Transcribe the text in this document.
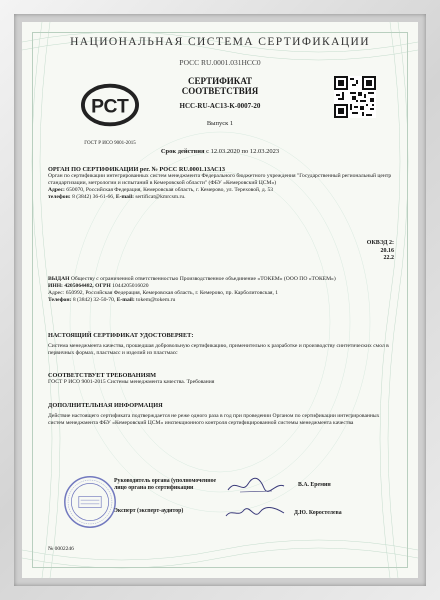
НАЦИОНАЛЬНАЯ СИСТЕМА СЕРТИФИКАЦИИ
РОСС RU.0001.031НСС0
РСТ
ГОСТ Р ИСО 9001-2015
СЕРТИФИКАТ
СООТВЕТСТВИЯ
НСС-RU-AC13-K-0007-20
Выпуск 1
Срок действия с 12.03.2020 по 12.03.2023
ОРГАН ПО СЕРТИФИКАЦИИ рег. № РОСС RU.0001.13АС13
Орган по сертификации интегрированных систем менеджмента Федерального бюджетного учреждения "Государственный региональный центр стандартизации, метрологии и испытаний в Кемеровской области" (ФБУ «Кемеровский ЦСМ»)
Адрес: 650070, Российская Федерация, Кемеровская область, г. Кемерово, ул. Тереховой, д. 53
телефон: 8 (3842) 36-61-66, E-mail: sertificat@kmrcsm.ru.
ОКВЭД 2:
20.16
22.2
ВЫДАН Обществу с ограниченной ответственностью Производственное объединение «ТОКЕМ» (ООО ПО «ТОКЕМ»)
ИНН: 4205064482, ОГРН 1044205016020
Адрес: 650992, Российская Федерация, Кемеровская область, г. Кемерово, пр. Карболитовская, 1
Телефон: 8 (3842) 32-50-70, E-mail: tokem@tokem.ru
НАСТОЯЩИЙ СЕРТИФИКАТ УДОСТОВЕРЯЕТ:
Система менеджмента качества, прошедшая добровольную сертификацию, применительно к разработке и производству синтетических смол в первичных формах, пластмасс и изделий из пластмасс
СООТВЕТСТВУЕТ ТРЕБОВАНИЯМ
ГОСТ Р ИСО 9001-2015 Системы менеджмента качества. Требования
ДОПОЛНИТЕЛЬНАЯ ИНФОРМАЦИЯ
Действие настоящего сертификата подтверждается не реже одного раза в год при проведении Органом по сертификации интегрированных систем менеджмента ФБУ «Кемеровский ЦСМ» инспекционного контроля сертифицированной системы менеджмента качества
Руководитель органа (уполномоченное
лицо органа по сертификации	В.А. Еремин
Эксперт (эксперт-аудитор)	Д.Ю. Коростелева
№ 0002246
